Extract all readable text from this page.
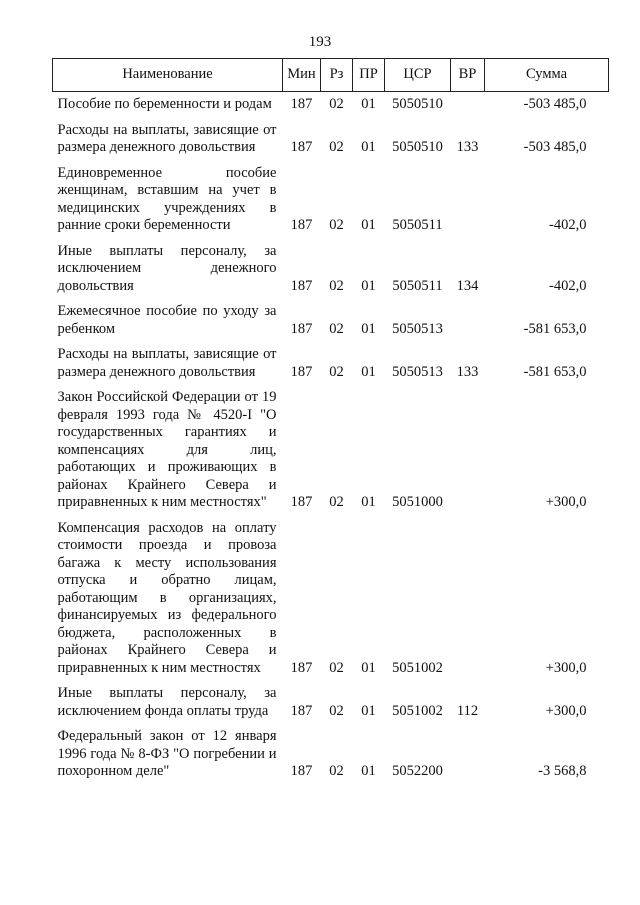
193
Наименование	Мин	Рз	ПР	ЦСР	ВР	Сумма
Пособие по беременности и родам	187	02	01	5050510		-503 485,0
Расходы на выплаты, зависящие от размера денежного довольствия	187	02	01	5050510	133	-503 485,0
Единовременное пособие женщинам, вставшим на учет в медицинских учреждениях в ранние сроки беременности	187	02	01	5050511		-402,0
Иные выплаты персоналу, за исключением денежного довольствия	187	02	01	5050511	134	-402,0
Ежемесячное пособие по уходу за ребенком	187	02	01	5050513		-581 653,0
Расходы на выплаты, зависящие от размера денежного довольствия	187	02	01	5050513	133	-581 653,0
Закон Российской Федерации от 19 февраля 1993 года № 4520-I "О государственных гарантиях и компенсациях для лиц, работающих и проживающих в районах Крайнего Севера и приравненных к ним местностях"	187	02	01	5051000		+300,0
Компенсация расходов на оплату стоимости проезда и провоза багажа к месту использования отпуска и обратно лицам, работающим в организациях, финансируемых из федерального бюджета, расположенных в районах Крайнего Севера и приравненных к ним местностях	187	02	01	5051002		+300,0
Иные выплаты персоналу, за исключением фонда оплаты труда	187	02	01	5051002	112	+300,0
Федеральный закон от 12 января 1996 года № 8-ФЗ "О погребении и похоронном деле"	187	02	01	5052200		-3 568,8
